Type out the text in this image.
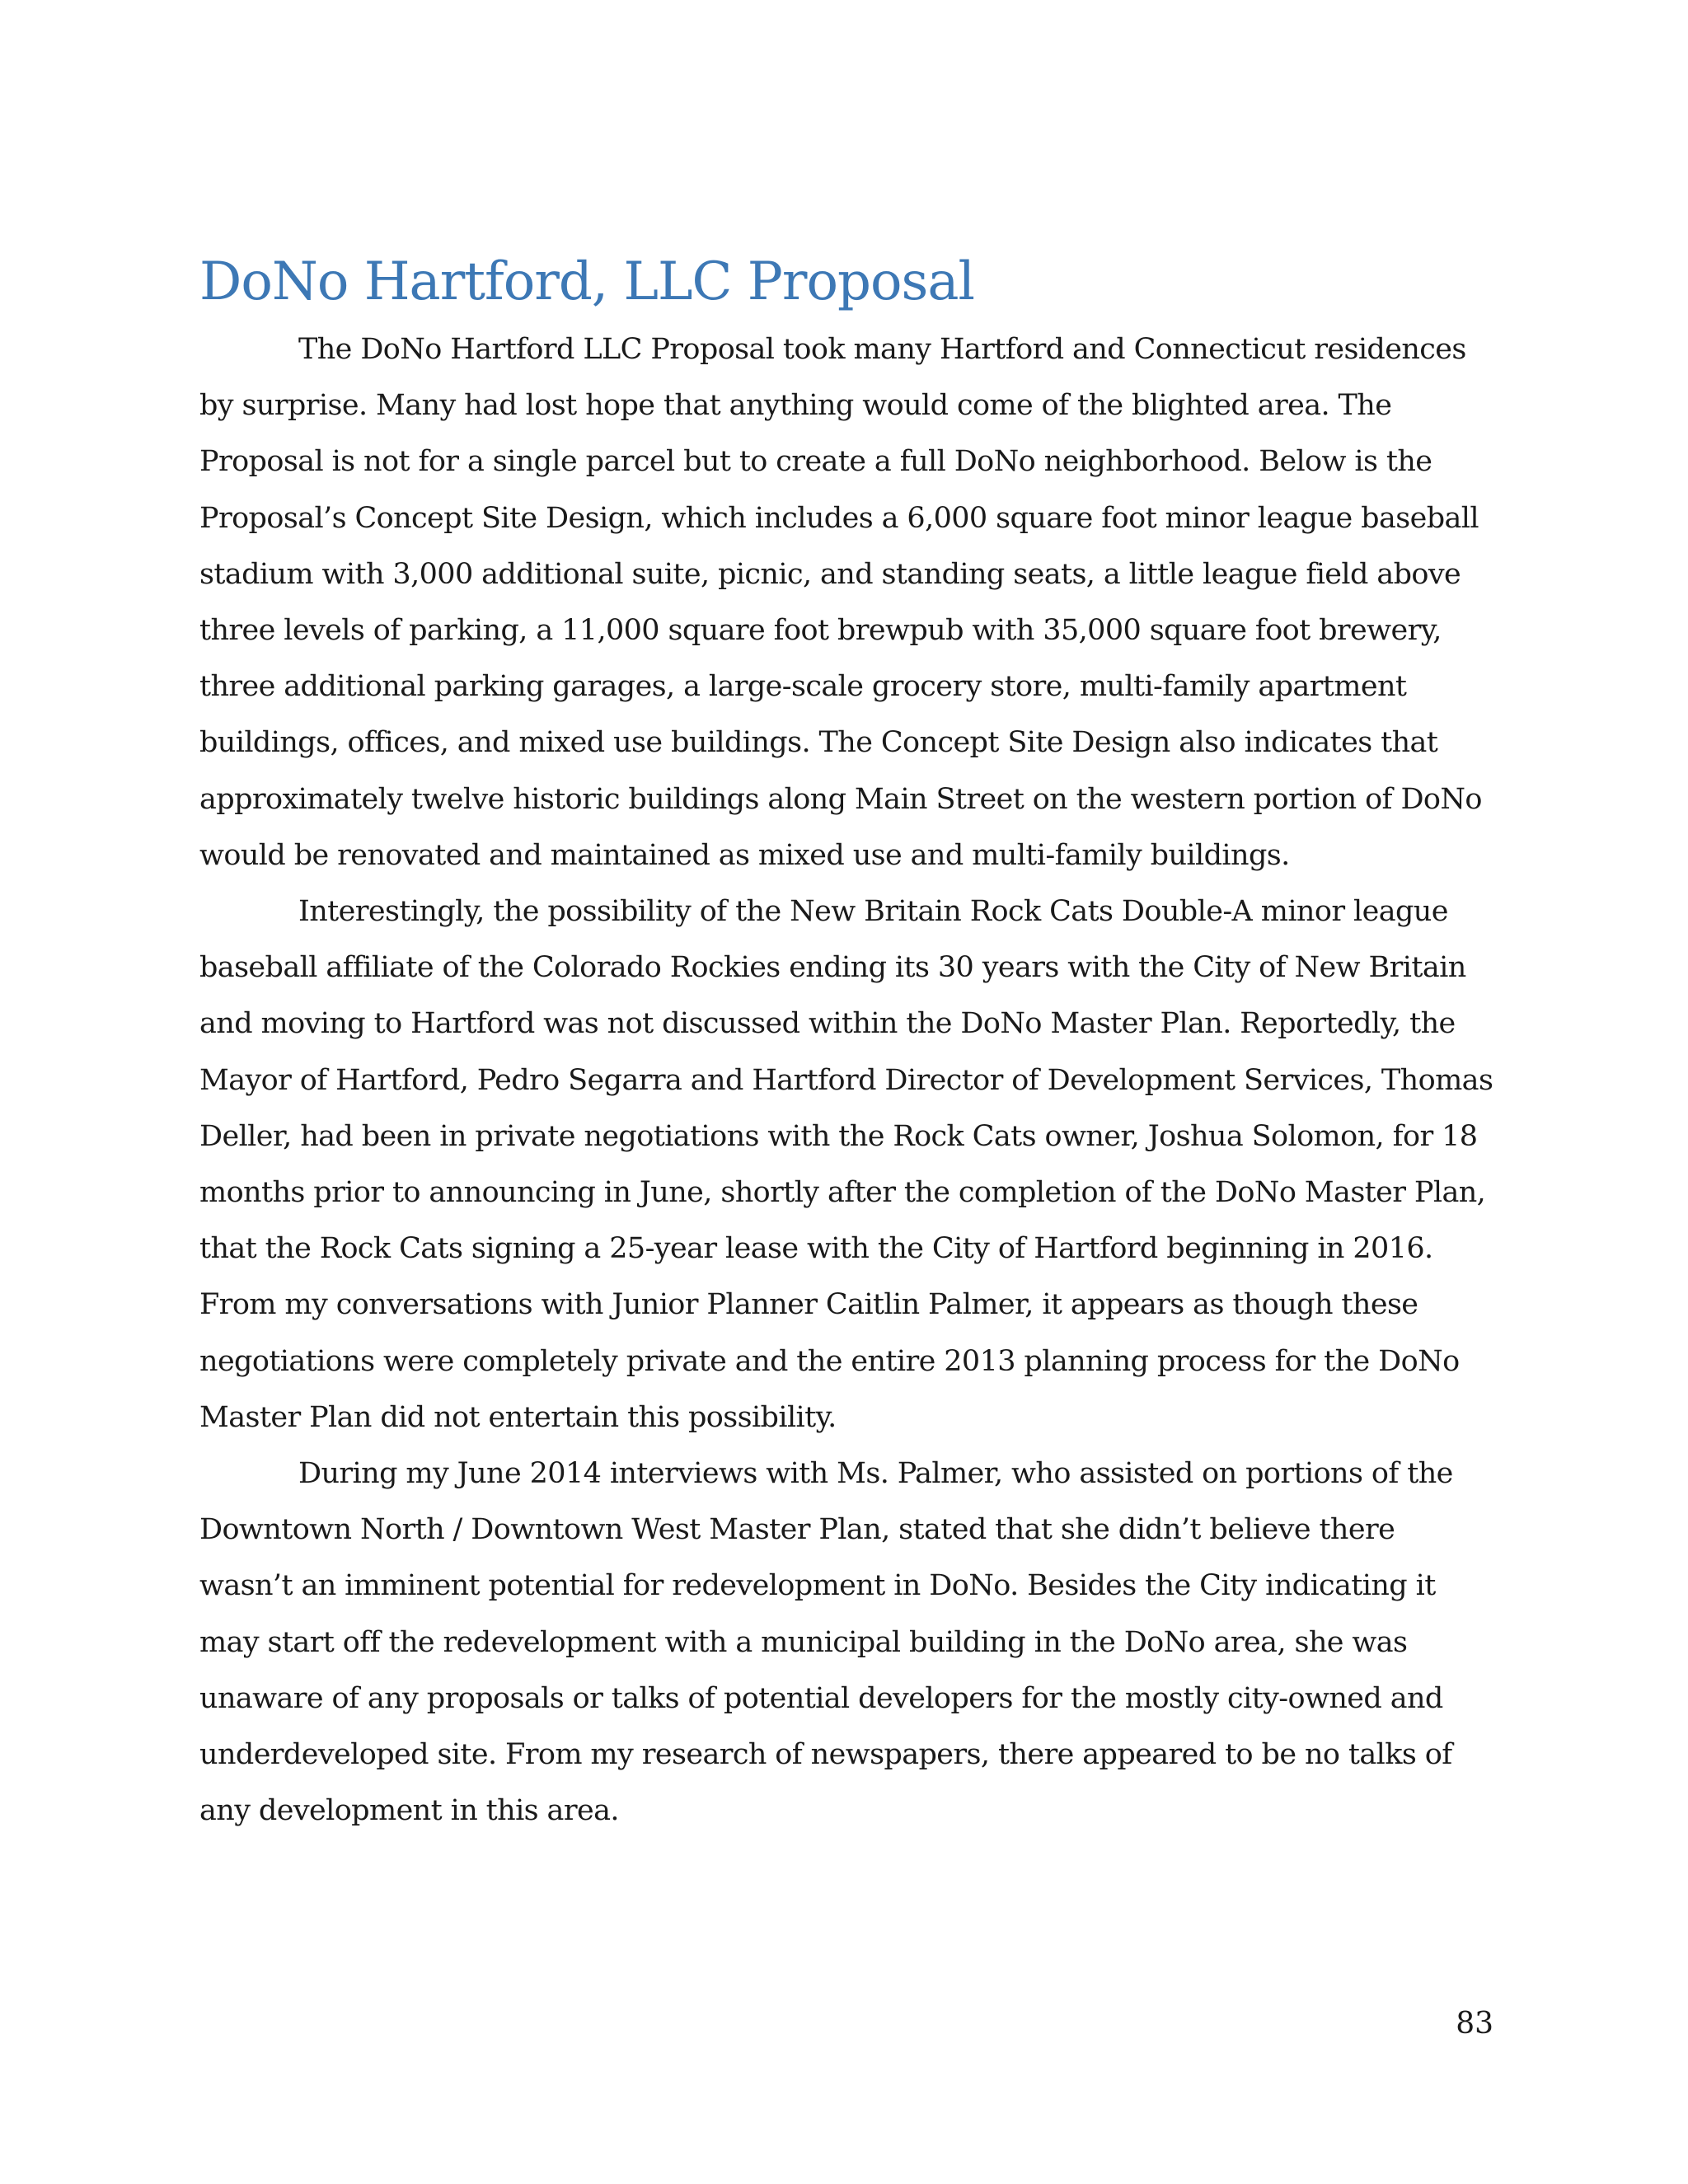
DoNo Hartford, LLC Proposal

The DoNo Hartford LLC Proposal took many Hartford and Connecticut residences by surprise. Many had lost hope that anything would come of the blighted area. The Proposal is not for a single parcel but to create a full DoNo neighborhood. Below is the Proposal’s Concept Site Design, which includes a 6,000 square foot minor league baseball stadium with 3,000 additional suite, picnic, and standing seats, a little league field above three levels of parking, a 11,000 square foot brewpub with 35,000 square foot brewery, three additional parking garages, a large-scale grocery store, multi-family apartment buildings, offices, and mixed use buildings. The Concept Site Design also indicates that approximately twelve historic buildings along Main Street on the western portion of DoNo would be renovated and maintained as mixed use and multi-family buildings.

Interestingly, the possibility of the New Britain Rock Cats Double-A minor league baseball affiliate of the Colorado Rockies ending its 30 years with the City of New Britain and moving to Hartford was not discussed within the DoNo Master Plan. Reportedly, the Mayor of Hartford, Pedro Segarra and Hartford Director of Development Services, Thomas Deller, had been in private negotiations with the Rock Cats owner, Joshua Solomon, for 18 months prior to announcing in June, shortly after the completion of the DoNo Master Plan, that the Rock Cats signing a 25-year lease with the City of Hartford beginning in 2016. From my conversations with Junior Planner Caitlin Palmer, it appears as though these negotiations were completely private and the entire 2013 planning process for the DoNo Master Plan did not entertain this possibility.

During my June 2014 interviews with Ms. Palmer, who assisted on portions of the Downtown North / Downtown West Master Plan, stated that she didn’t believe there wasn’t an imminent potential for redevelopment in DoNo. Besides the City indicating it may start off the redevelopment with a municipal building in the DoNo area, she was unaware of any proposals or talks of potential developers for the mostly city-owned and underdeveloped site. From my research of newspapers, there appeared to be no talks of any development in this area.

83
